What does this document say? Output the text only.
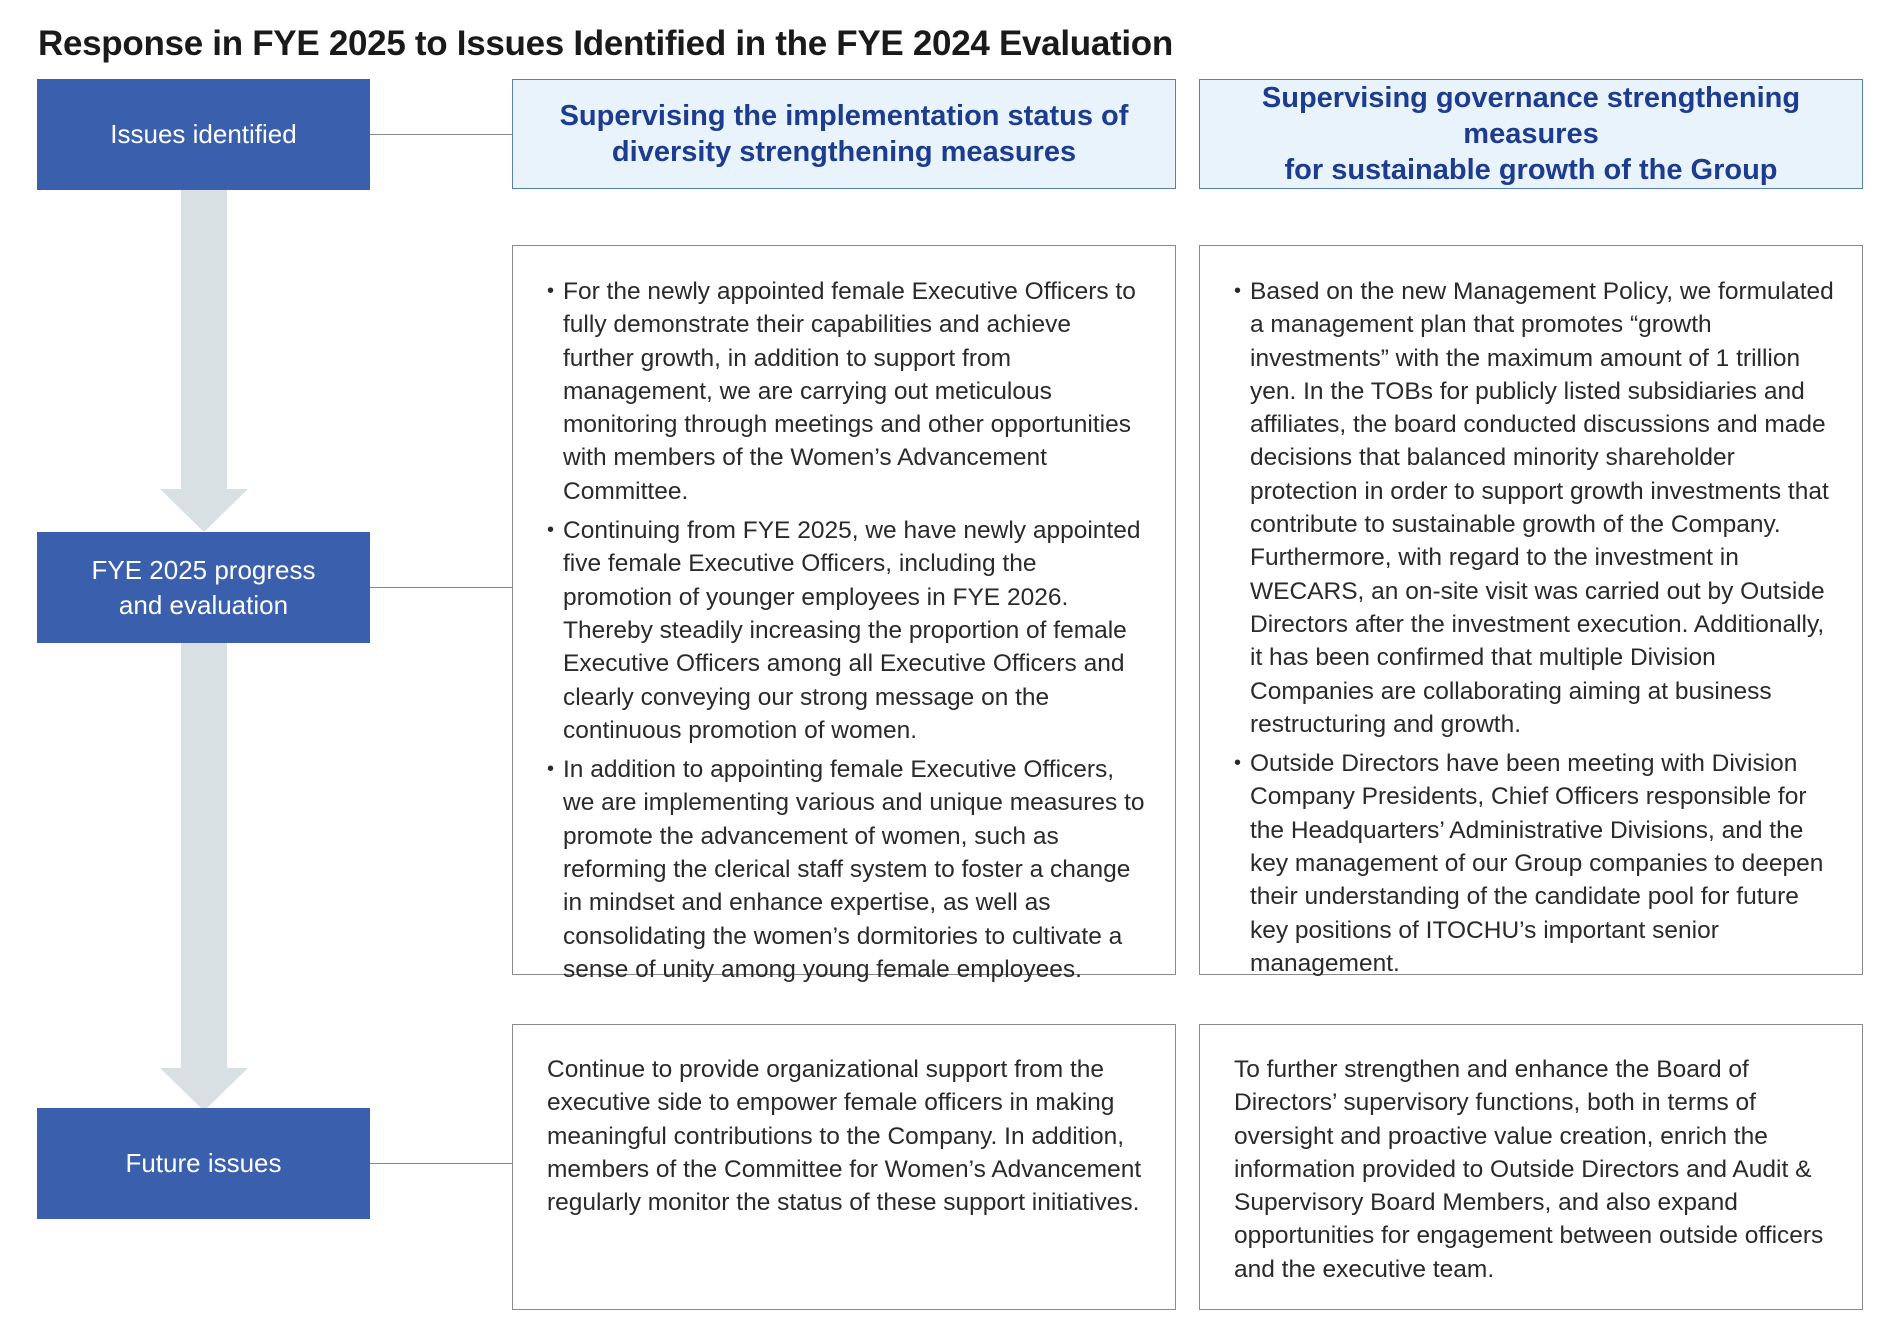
Response in FYE 2025 to Issues Identified in the FYE 2024 Evaluation
Issues identified
FYE 2025 progress
and evaluation
Future issues
Supervising the implementation status of
diversity strengthening measures
Supervising governance strengthening measures
for sustainable growth of the Group
• For the newly appointed female Executive Officers to fully demonstrate their capabilities and achieve further growth, in addition to support from management, we are carrying out meticulous monitoring through meetings and other opportunities with members of the Women’s Advancement Committee.
• Continuing from FYE 2025, we have newly appointed five female Executive Officers, including the promotion of younger employees in FYE 2026. Thereby steadily increasing the proportion of female Executive Officers among all Executive Officers and clearly conveying our strong message on the continuous promotion of women.
• In addition to appointing female Executive Officers, we are implementing various and unique measures to promote the advancement of women, such as reforming the clerical staff system to foster a change in mindset and enhance expertise, as well as consolidating the women’s dormitories to cultivate a sense of unity among young female employees.
• Based on the new Management Policy, we formulated a management plan that promotes “growth investments” with the maximum amount of 1 trillion yen. In the TOBs for publicly listed subsidiaries and affiliates, the board conducted discussions and made decisions that balanced minority shareholder protection in order to support growth investments that contribute to sustainable growth of the Company. Furthermore, with regard to the investment in WECARS, an on-site visit was carried out by Outside Directors after the investment execution. Additionally, it has been confirmed that multiple Division Companies are collaborating aiming at business restructuring and growth.
• Outside Directors have been meeting with Division Company Presidents, Chief Officers responsible for the Headquarters’ Administrative Divisions, and the key management of our Group companies to deepen their understanding of the candidate pool for future key positions of ITOCHU’s important senior management.

Continue to provide organizational support from the executive side to empower female officers in making meaningful contributions to the Company. In addition, members of the Committee for Women’s Advancement regularly monitor the status of these support initiatives.

To further strengthen and enhance the Board of Directors’ supervisory functions, both in terms of oversight and proactive value creation, enrich the information provided to Outside Directors and Audit & Supervisory Board Members, and also expand opportunities for engagement between outside officers and the executive team.
